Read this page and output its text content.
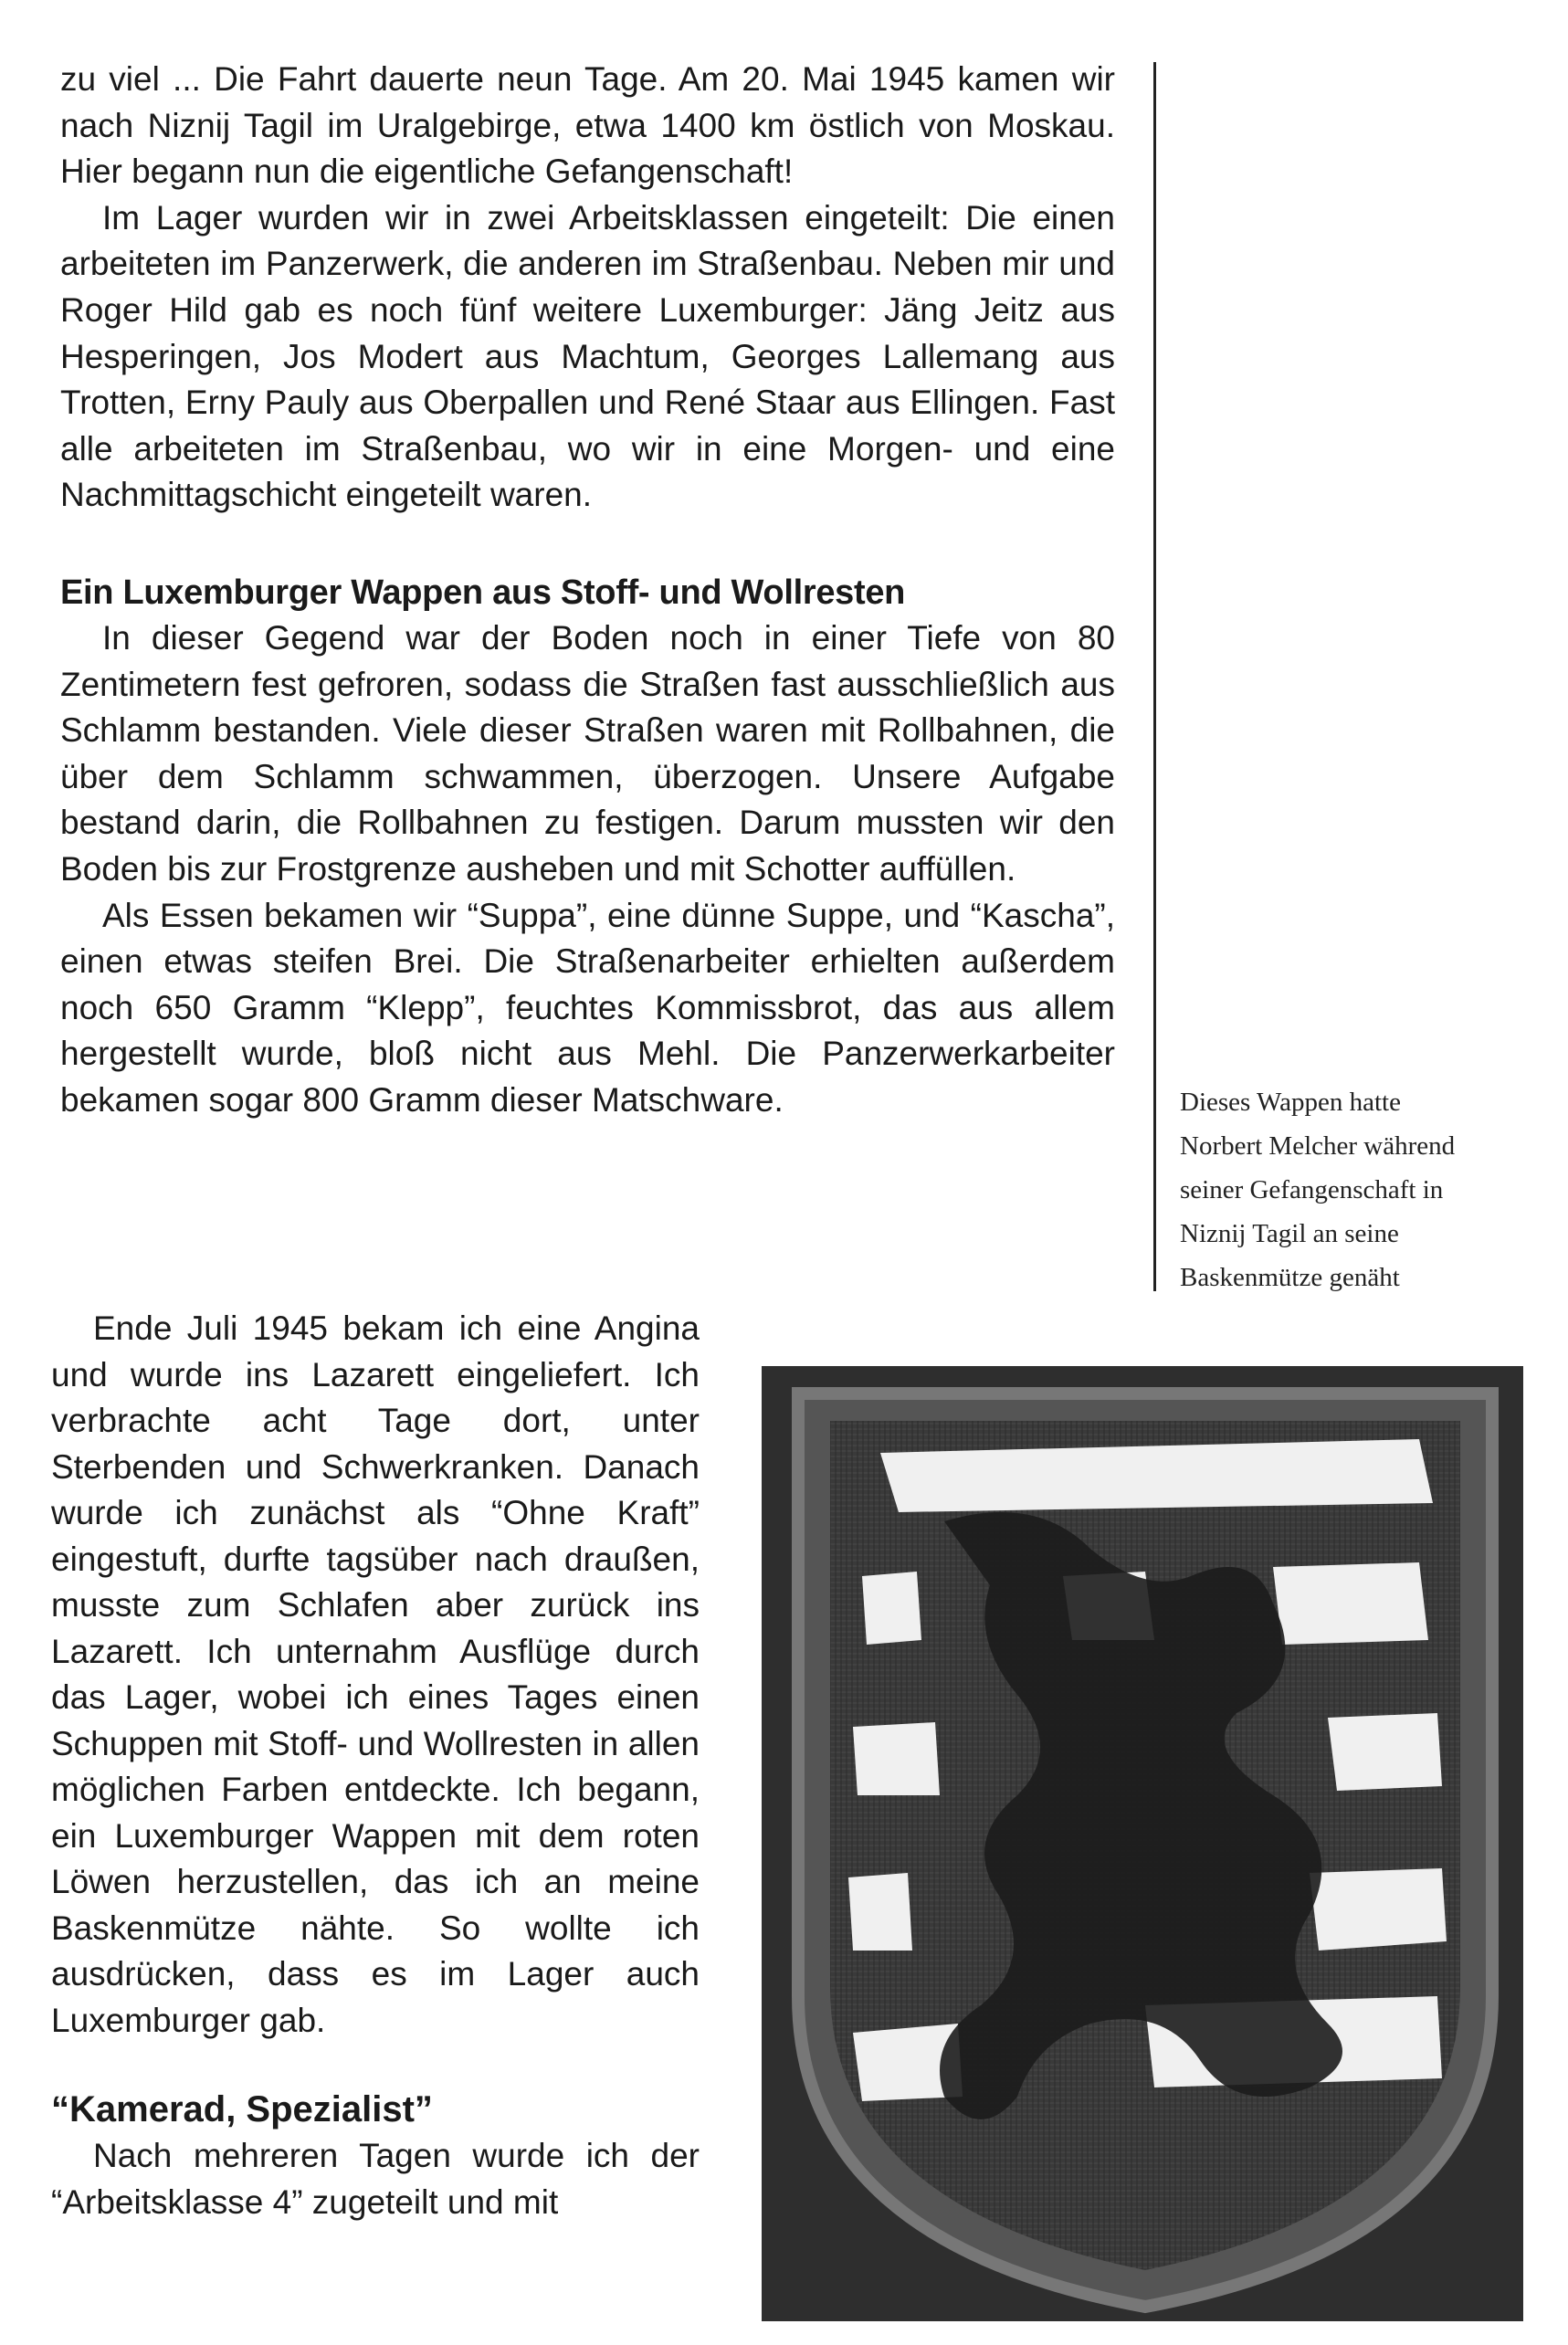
zu viel ... Die Fahrt dauerte neun Tage. Am 20. Mai 1945 kamen wir nach Niznij Tagil im Uralgebirge, etwa 1400 km östlich von Moskau. Hier begann nun die eigentliche Gefangenschaft!

Im Lager wurden wir in zwei Arbeitsklassen eingeteilt: Die einen arbeiteten im Panzerwerk, die anderen im Straßenbau. Neben mir und Roger Hild gab es noch fünf weitere Luxemburger: Jäng Jeitz aus Hesperingen, Jos Modert aus Machtum, Georges Lallemang aus Trotten, Erny Pauly aus Oberpallen und René Staar aus Ellingen. Fast alle arbeiteten im Straßenbau, wo wir in eine Morgen- und eine Nachmittagschicht eingeteilt waren.

Ein Luxemburger Wappen aus Stoff- und Wollresten

In dieser Gegend war der Boden noch in einer Tiefe von 80 Zentimetern fest gefroren, sodass die Straßen fast ausschließlich aus Schlamm bestanden. Viele dieser Straßen waren mit Rollbahnen, die über dem Schlamm schwammen, überzogen. Unsere Aufgabe bestand darin, die Rollbahnen zu festigen. Darum mussten wir den Boden bis zur Frostgrenze ausheben und mit Schotter auffüllen.

Als Essen bekamen wir “Suppa”, eine dünne Suppe, und “Kascha”, einen etwas steifen Brei. Die Straßenarbeiter erhielten außerdem noch 650 Gramm “Klepp”, feuchtes Kommissbrot, das aus allem hergestellt wurde, bloß nicht aus Mehl. Die Panzerwerkarbeiter bekamen sogar 800 Gramm dieser Matschware.	Dieses Wappen hatte
Norbert Melcher während
seiner Gefangenschaft in
Niznij Tagil an seine
Baskenmütze genäht

Ende Juli 1945 bekam ich eine Angina und wurde ins Lazarett eingeliefert. Ich verbrachte acht Tage dort, unter Sterbenden und Schwerkranken. Danach wurde ich zunächst als “Ohne Kraft” eingestuft, durfte tagsüber nach draußen, musste zum Schlafen aber zurück ins Lazarett. Ich unternahm Ausflüge durch das Lager, wobei ich eines Tages einen Schuppen mit Stoff- und Wollresten in allen möglichen Farben entdeckte. Ich begann, ein Luxemburger Wappen mit dem roten Löwen herzustellen, das ich an meine Baskenmütze nähte. So wollte ich ausdrücken, dass es im Lager auch Luxemburger gab.

“Kamerad, Spezialist”

Nach mehreren Tagen wurde ich der “Arbeitsklasse 4” zugeteilt und mit
